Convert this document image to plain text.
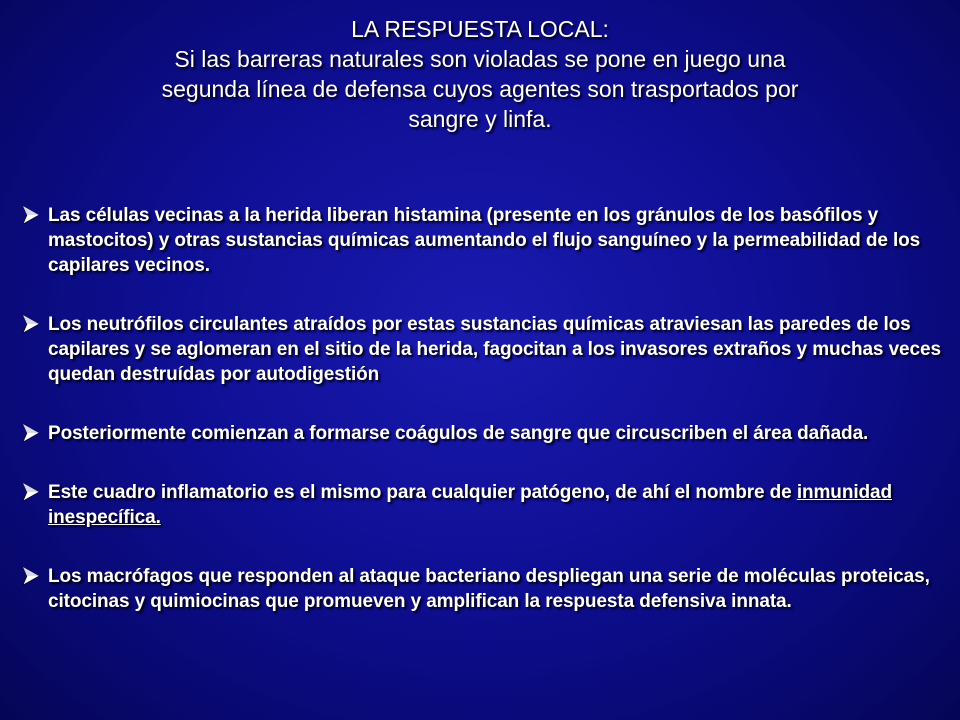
LA RESPUESTA LOCAL:
Si las barreras naturales son violadas se pone en juego una
segunda línea de defensa cuyos agentes son trasportados por
sangre y linfa.
Las células vecinas a la herida liberan histamina (presente en los gránulos de los basófilos y mastocitos) y otras sustancias químicas aumentando el flujo sanguíneo y la permeabilidad de los capilares vecinos.
Los neutrófilos circulantes atraídos por estas sustancias químicas atraviesan las paredes de los capilares y se aglomeran en el sitio de la herida, fagocitan a los invasores extraños y muchas veces quedan destruídas por autodigestión
Posteriormente comienzan a formarse coágulos de sangre que circuscriben el área dañada.
Este cuadro inflamatorio es el mismo para cualquier patógeno, de ahí el nombre de inmunidad inespecífica.
Los macrófagos que responden al ataque bacteriano despliegan una serie de moléculas proteicas, citocinas y quimiocinas que promueven y amplifican la respuesta defensiva innata.
